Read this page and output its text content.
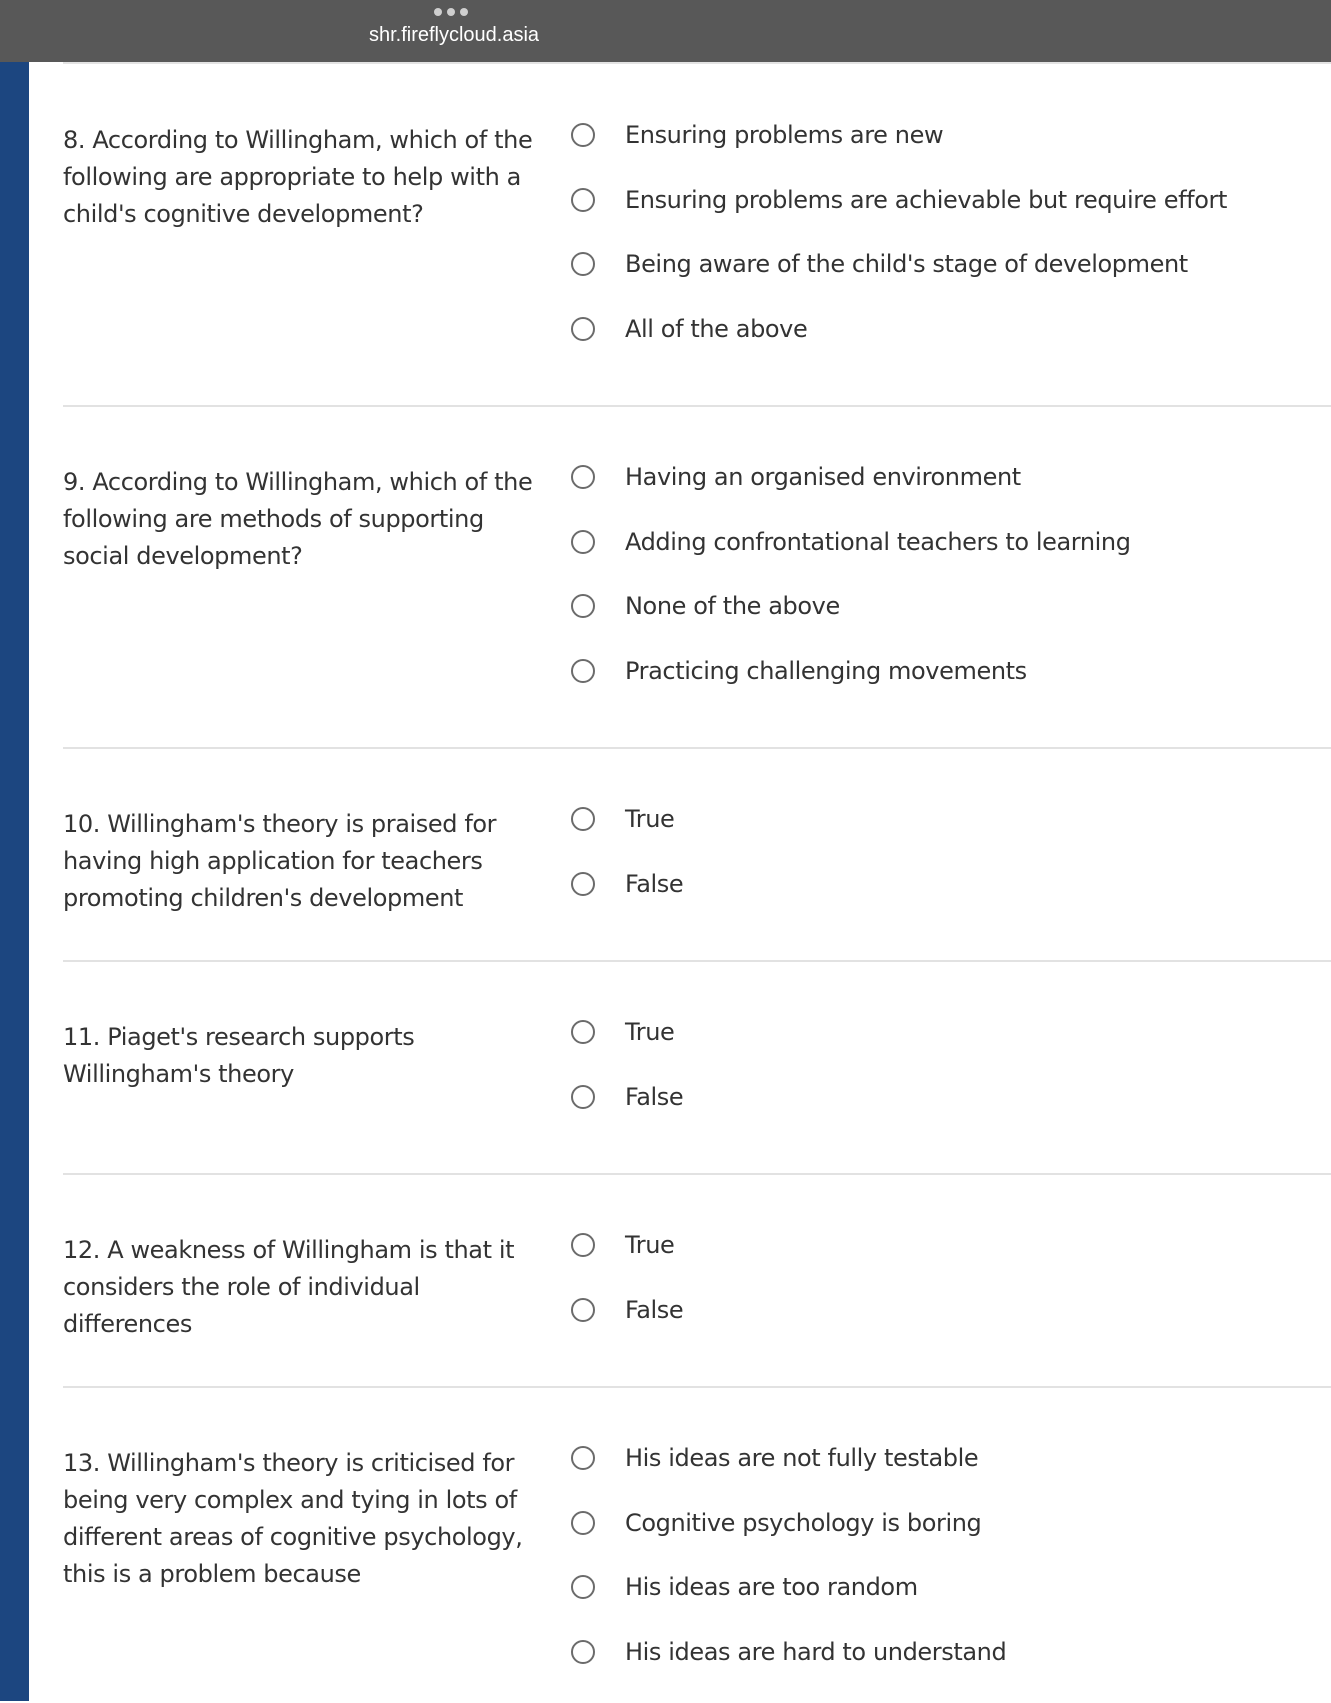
shr.fireflycloud.asia
8. According to Willingham, which of the following are appropriate to help with a child's cognitive development?
Ensuring problems are new
Ensuring problems are achievable but require effort
Being aware of the child's stage of development
All of the above
9. According to Willingham, which of the following are methods of supporting social development?
Having an organised environment
Adding confrontational teachers to learning
None of the above
Practicing challenging movements
10. Willingham's theory is praised for having high application for teachers promoting children's development
True
False
11. Piaget's research supports Willingham's theory
True
False
12. A weakness of Willingham is that it considers the role of individual differences
True
False
13. Willingham's theory is criticised for being very complex and tying in lots of different areas of cognitive psychology, this is a problem because
His ideas are not fully testable
Cognitive psychology is boring
His ideas are too random
His ideas are hard to understand
